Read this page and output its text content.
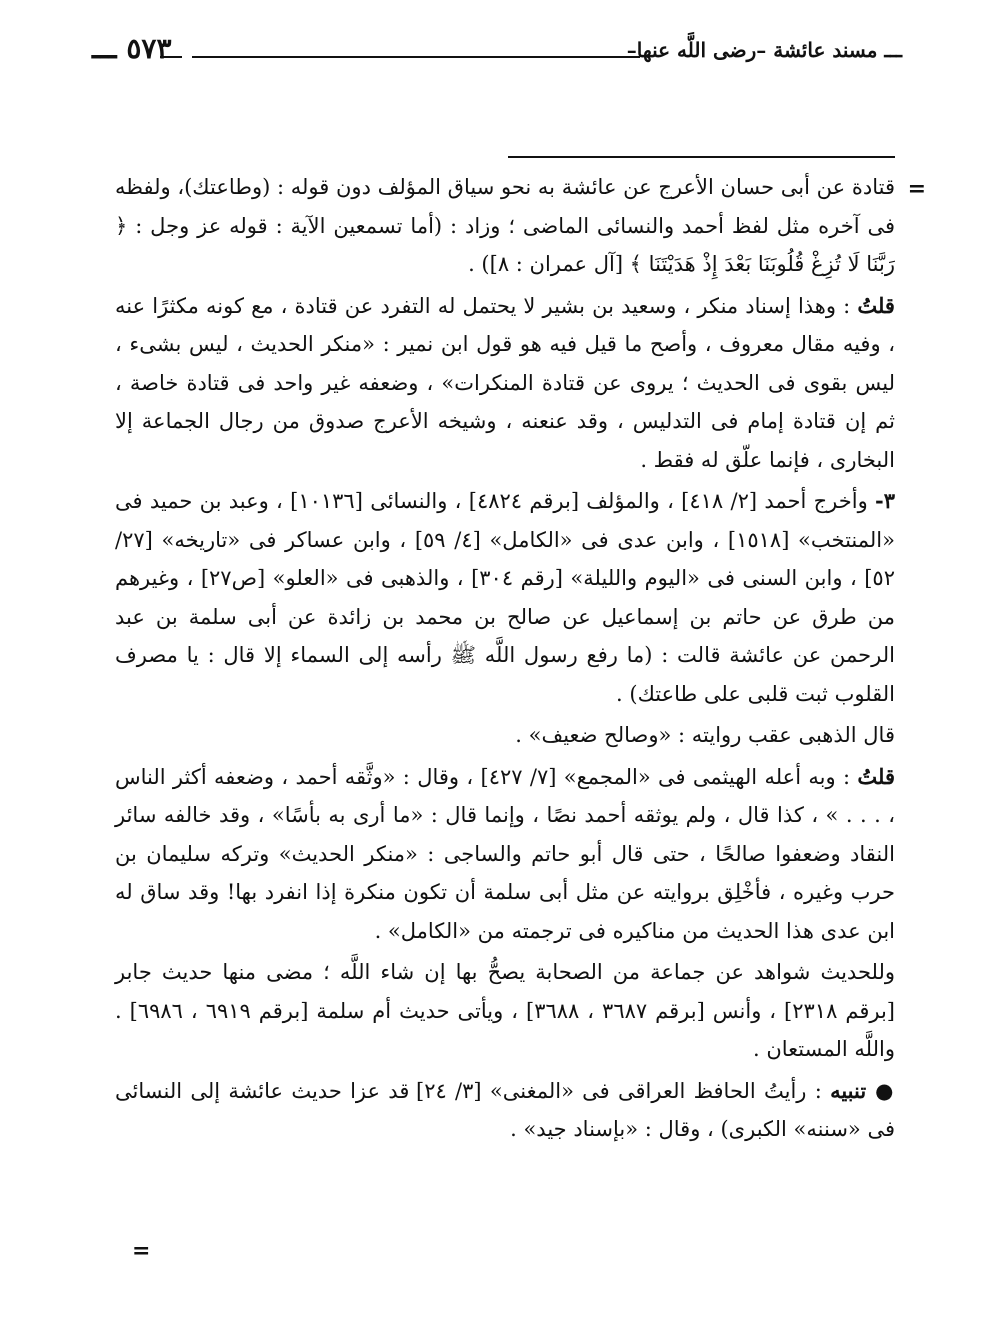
ـــ مسند عائشة –رضى اللَّه عنها–
٥٧٣ ـــ
=

قتادة عن أبى حسان الأعرج عن عائشة به نحو سياق المؤلف دون قوله : (وطاعتك)، ولفظه فى آخره مثل لفظ أحمد والنسائى الماضى ؛ وزاد : (أما تسمعين الآية : قوله عز وجل : ﴿ رَبَّنَا لَا تُزِغْ قُلُوبَنَا بَعْدَ إِذْ هَدَيْتَنَا ﴾ [آل عمران : ٨]) .

قلتُ : وهذا إسناد منكر ، وسعيد بن بشير لا يحتمل له التفرد عن قتادة ، مع كونه مكثرًا عنه ، وفيه مقال معروف ، وأصح ما قيل فيه هو قول ابن نمير : «منكر الحديث ، ليس بشىء ، ليس بقوى فى الحديث ؛ يروى عن قتادة المنكرات» ، وضعفه غير واحد فى قتادة خاصة ، ثم إن قتادة إمام فى التدليس ، وقد عنعنه ، وشيخه الأعرج صدوق من رجال الجماعة إلا البخارى ، فإنما علّق له فقط .

٣- وأخرج أحمد [٢/ ٤١٨] ، والمؤلف [برقم ٤٨٢٤] ، والنسائى [١٠١٣٦] ، وعبد بن حميد فى «المنتخب» [١٥١٨] ، وابن عدى فى «الكامل» [٤/ ٥٩] ، وابن عساكر فى «تاريخه» [٢٧/ ٥٢] ، وابن السنى فى «اليوم والليلة» [رقم ٣٠٤] ، والذهبى فى «العلو» [ص٢٧] ، وغيرهم من طرق عن حاتم بن إسماعيل عن صالح بن محمد بن زائدة عن أبى سلمة بن عبد الرحمن عن عائشة قالت : (ما رفع رسول اللَّه ﷺ رأسه إلى السماء إلا قال : يا مصرف القلوب ثبت قلبى على طاعتك) .

قال الذهبى عقب روايته : «وصالح ضعيف» .

قلتُ : وبه أعله الهيثمى فى «المجمع» [٧/ ٤٢٧] ، وقال : «وثَّقه أحمد ، وضعفه أكثر الناس ، . . . » ، كذا قال ، ولم يوثقه أحمد نصًا ، وإنما قال : «ما أرى به بأسًا» ، وقد خالفه سائر النقاد وضعفوا صالحًا ، حتى قال أبو حاتم والساجى : «منكر الحديث» وتركه سليمان بن حرب وغيره ، فأخْلِق بروايته عن مثل أبى سلمة أن تكون منكرة إذا انفرد بها! وقد ساق له ابن عدى هذا الحديث من مناكيره فى ترجمته من «الكامل» .

وللحديث شواهد عن جماعة من الصحابة يصحُّ بها إن شاء اللَّه ؛ مضى منها حديث جابر [برقم ٢٣١٨] ، وأنس [برقم ٣٦٨٧ ، ٣٦٨٨] ، ويأتى حديث أم سلمة [برقم ٦٩١٩ ، ٦٩٨٦] . واللَّه المستعان .

● تنبيه : رأيتُ الحافظ العراقى فى «المغنى» [٣/ ٢٤] قد عزا حديث عائشة إلى النسائى فى «سننه» الكبرى) ، وقال : «بإسناد جيد» .

=
